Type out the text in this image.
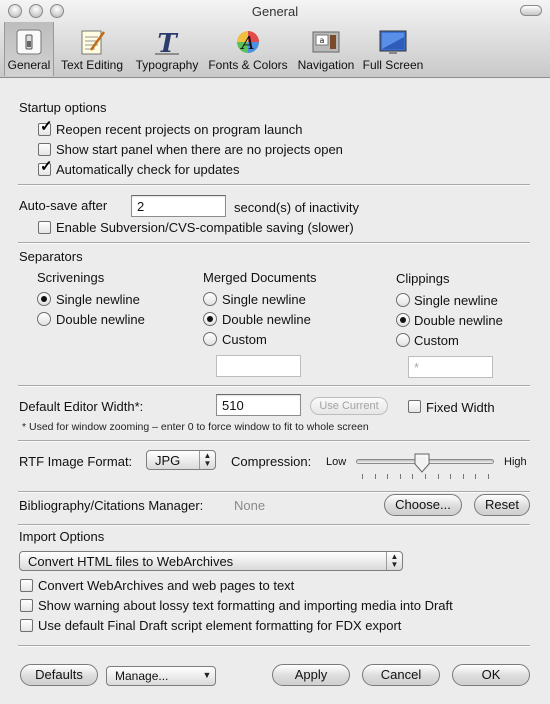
General
General Text Editing
T
Typography
A
Fonts & Colors
a
Navigation Full Screen
Startup options
✓ Reopen recent projects on program launch
Show start panel when there are no projects open
✓ Automatically check for updates
Auto-save after	2	second(s) of inactivity
Enable Subversion/CVS-compatible saving (slower)
Separators
Scrivenings
Single newline
Double newline
Merged Documents
Single newline
Double newline
Custom
Clippings
Single newline
Double newline
Custom
*
Default Editor Width*:	510	Use Current	Fixed Width
* Used for window zooming – enter 0 to force window to fit to whole screen
RTF Image Format:	JPG	▲
▼ Compression: Low	High
Bibliography/Citations Manager: None	Choose...	Reset
Import Options
Convert HTML files to WebArchives	▲
▼
Convert WebArchives and web pages to text
Show warning about lossy text formatting and importing media into Draft
Use default Final Draft script element formatting for FDX export
Defaults	Manage...	▼	Apply	Cancel	OK
